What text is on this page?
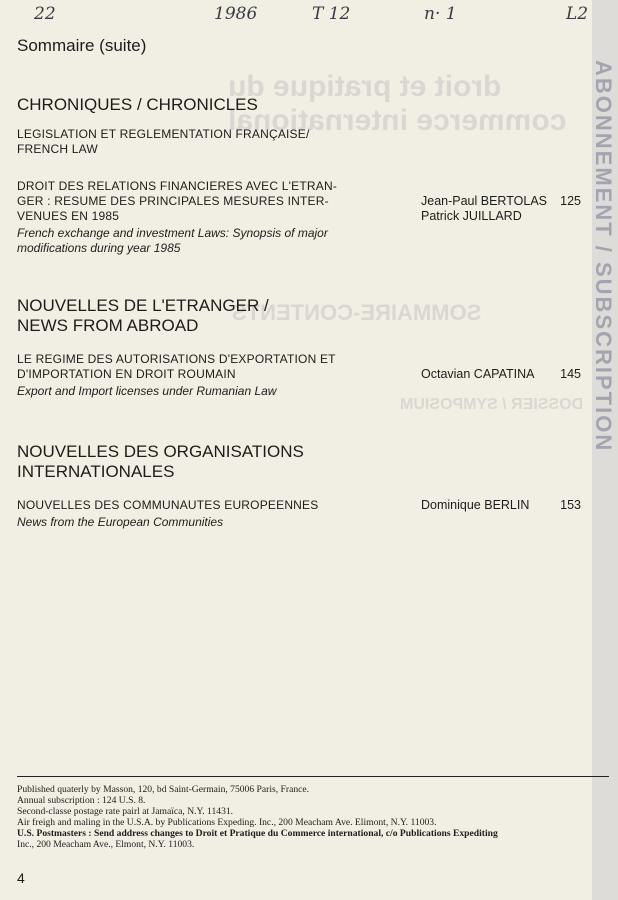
droit et pratique du
commerce international
SOMMAIRE-CONTENTS
DOSSIER / SYMPOSIUM ABONNEMENT / SUBSCRIPTION
22	1986	T 12	n· 1	L2
Sommaire (suite)
CHRONIQUES / CHRONICLES
LEGISLATION ET REGLEMENTATION FRANÇAISE/
FRENCH LAW
DROIT DES RELATIONS FINANCIERES AVEC L'ETRAN-
GER : RESUME DES PRINCIPALES MESURES INTER-
VENUES EN 1985
French exchange and investment Laws: Synopsis of major
modifications during year 1985
Jean-Paul BERTOLAS
Patrick JUILLARD
125
NOUVELLES DE L'ETRANGER /
NEWS FROM ABROAD
LE REGIME DES AUTORISATIONS D'EXPORTATION ET
D'IMPORTATION EN DROIT ROUMAIN
Export and Import licenses under Rumanian Law
Octavian CAPATINA 145
NOUVELLES DES ORGANISATIONS
INTERNATIONALES
NOUVELLES DES COMMUNAUTES EUROPEENNES
News from the European Communities
Dominique BERLIN 153
Published quaterly by Masson, 120, bd Saint-Germain, 75006 Paris, France.
Annual subscription : 124 U.S. 8.
Second-classe postage rate pairl at Jamaïca, N.Y. 11431.
Air freigh and maling in the U.S.A. by Publications Expeding. Inc., 200 Meacham Ave. Elimont, N.Y. 11003.
U.S. Postmasters : Send address changes to Droit et Pratique du Commerce international, c/o Publications Expediting
Inc., 200 Meacham Ave., Elmont, N.Y. 11003.
4
